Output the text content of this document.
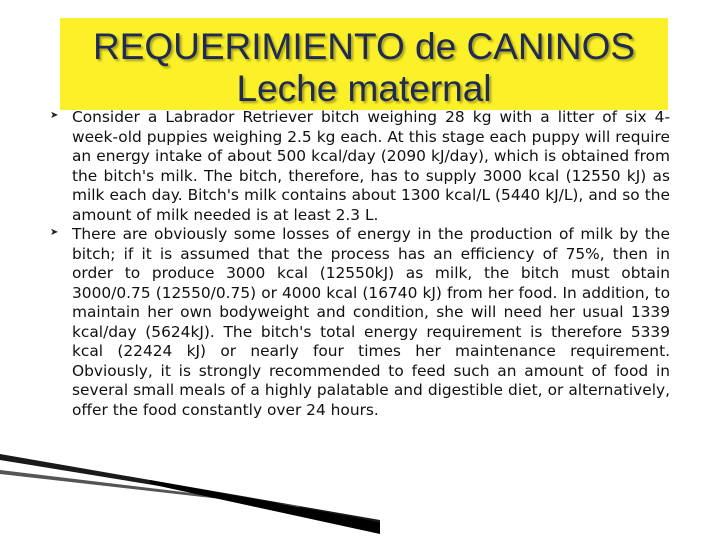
REQUERIMIENTO de CANINOS
Leche maternal
➤ Consider a Labrador Retriever bitch weighing 28 kg with a litter of six 4-week-old puppies weighing 2.5 kg each. At this stage each puppy will require an energy intake of about 500 kcal/day (2090 kJ/day), which is obtained from the bitch's milk. The bitch, therefore, has to supply 3000 kcal (12550 kJ) as milk each day. Bitch's milk contains about 1300 kcal/L (5440 kJ/L), and so the amount of milk needed is at least 2.3 L.
➤ There are obviously some losses of energy in the production of milk by the bitch; if it is assumed that the process has an efficiency of 75%, then in order to produce 3000 kcal (12550kJ) as milk, the bitch must obtain 3000/0.75 (12550/0.75) or 4000 kcal (16740 kJ) from her food. In addition, to maintain her own bodyweight and condition, she will need her usual 1339 kcal/day (5624kJ). The bitch's total energy requirement is therefore 5339 kcal (22424 kJ) or nearly four times her maintenance requirement. Obviously, it is strongly recommended to feed such an amount of food in several small meals of a highly palatable and digestible diet, or alternatively, offer the food constantly over 24 hours.
